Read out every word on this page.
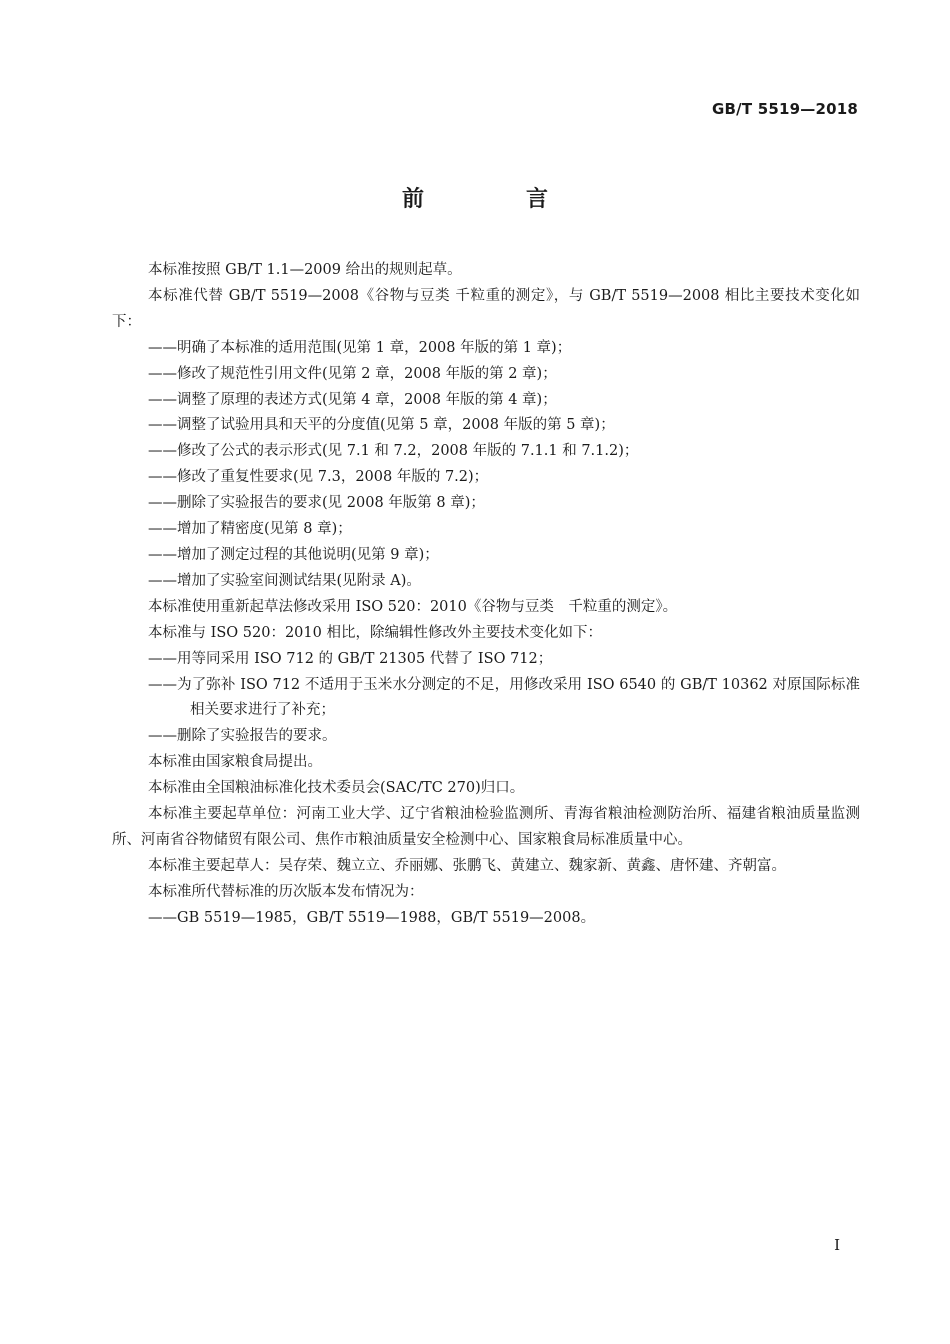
GB/T 5519—2018
前　言

本标准按照 GB/T 1.1—2009 给出的规则起草。

本标准代替 GB/T 5519—2008《谷物与豆类 千粒重的测定》，与 GB/T 5519—2008 相比主要技术变化如下：

——明确了本标准的适用范围(见第 1 章，2008 年版的第 1 章)；

——修改了规范性引用文件(见第 2 章，2008 年版的第 2 章)；

——调整了原理的表述方式(见第 4 章，2008 年版的第 4 章)；

——调整了试验用具和天平的分度值(见第 5 章，2008 年版的第 5 章)；

——修改了公式的表示形式(见 7.1 和 7.2，2008 年版的 7.1.1 和 7.1.2)；

——修改了重复性要求(见 7.3，2008 年版的 7.2)；

——删除了实验报告的要求(见 2008 年版第 8 章)；

——增加了精密度(见第 8 章)；

——增加了测定过程的其他说明(见第 9 章)；

——增加了实验室间测试结果(见附录 A)。

本标准使用重新起草法修改采用 ISO 520：2010《谷物与豆类　千粒重的测定》。

本标准与 ISO 520：2010 相比，除编辑性修改外主要技术变化如下：

——用等同采用 ISO 712 的 GB/T 21305 代替了 ISO 712；

——为了弥补 ISO 712 不适用于玉米水分测定的不足，用修改采用 ISO 6540 的 GB/T 10362 对原国际标准相关要求进行了补充；

——删除了实验报告的要求。

本标准由国家粮食局提出。

本标准由全国粮油标准化技术委员会(SAC/TC 270)归口。

本标准主要起草单位：河南工业大学、辽宁省粮油检验监测所、青海省粮油检测防治所、福建省粮油质量监测所、河南省谷物储贸有限公司、焦作市粮油质量安全检测中心、国家粮食局标准质量中心。

本标准主要起草人：吴存荣、魏立立、乔丽娜、张鹏飞、黄建立、魏家新、黄鑫、唐怀建、齐朝富。

本标准所代替标准的历次版本发布情况为：

——GB 5519—1985，GB/T 5519—1988，GB/T 5519—2008。

I
